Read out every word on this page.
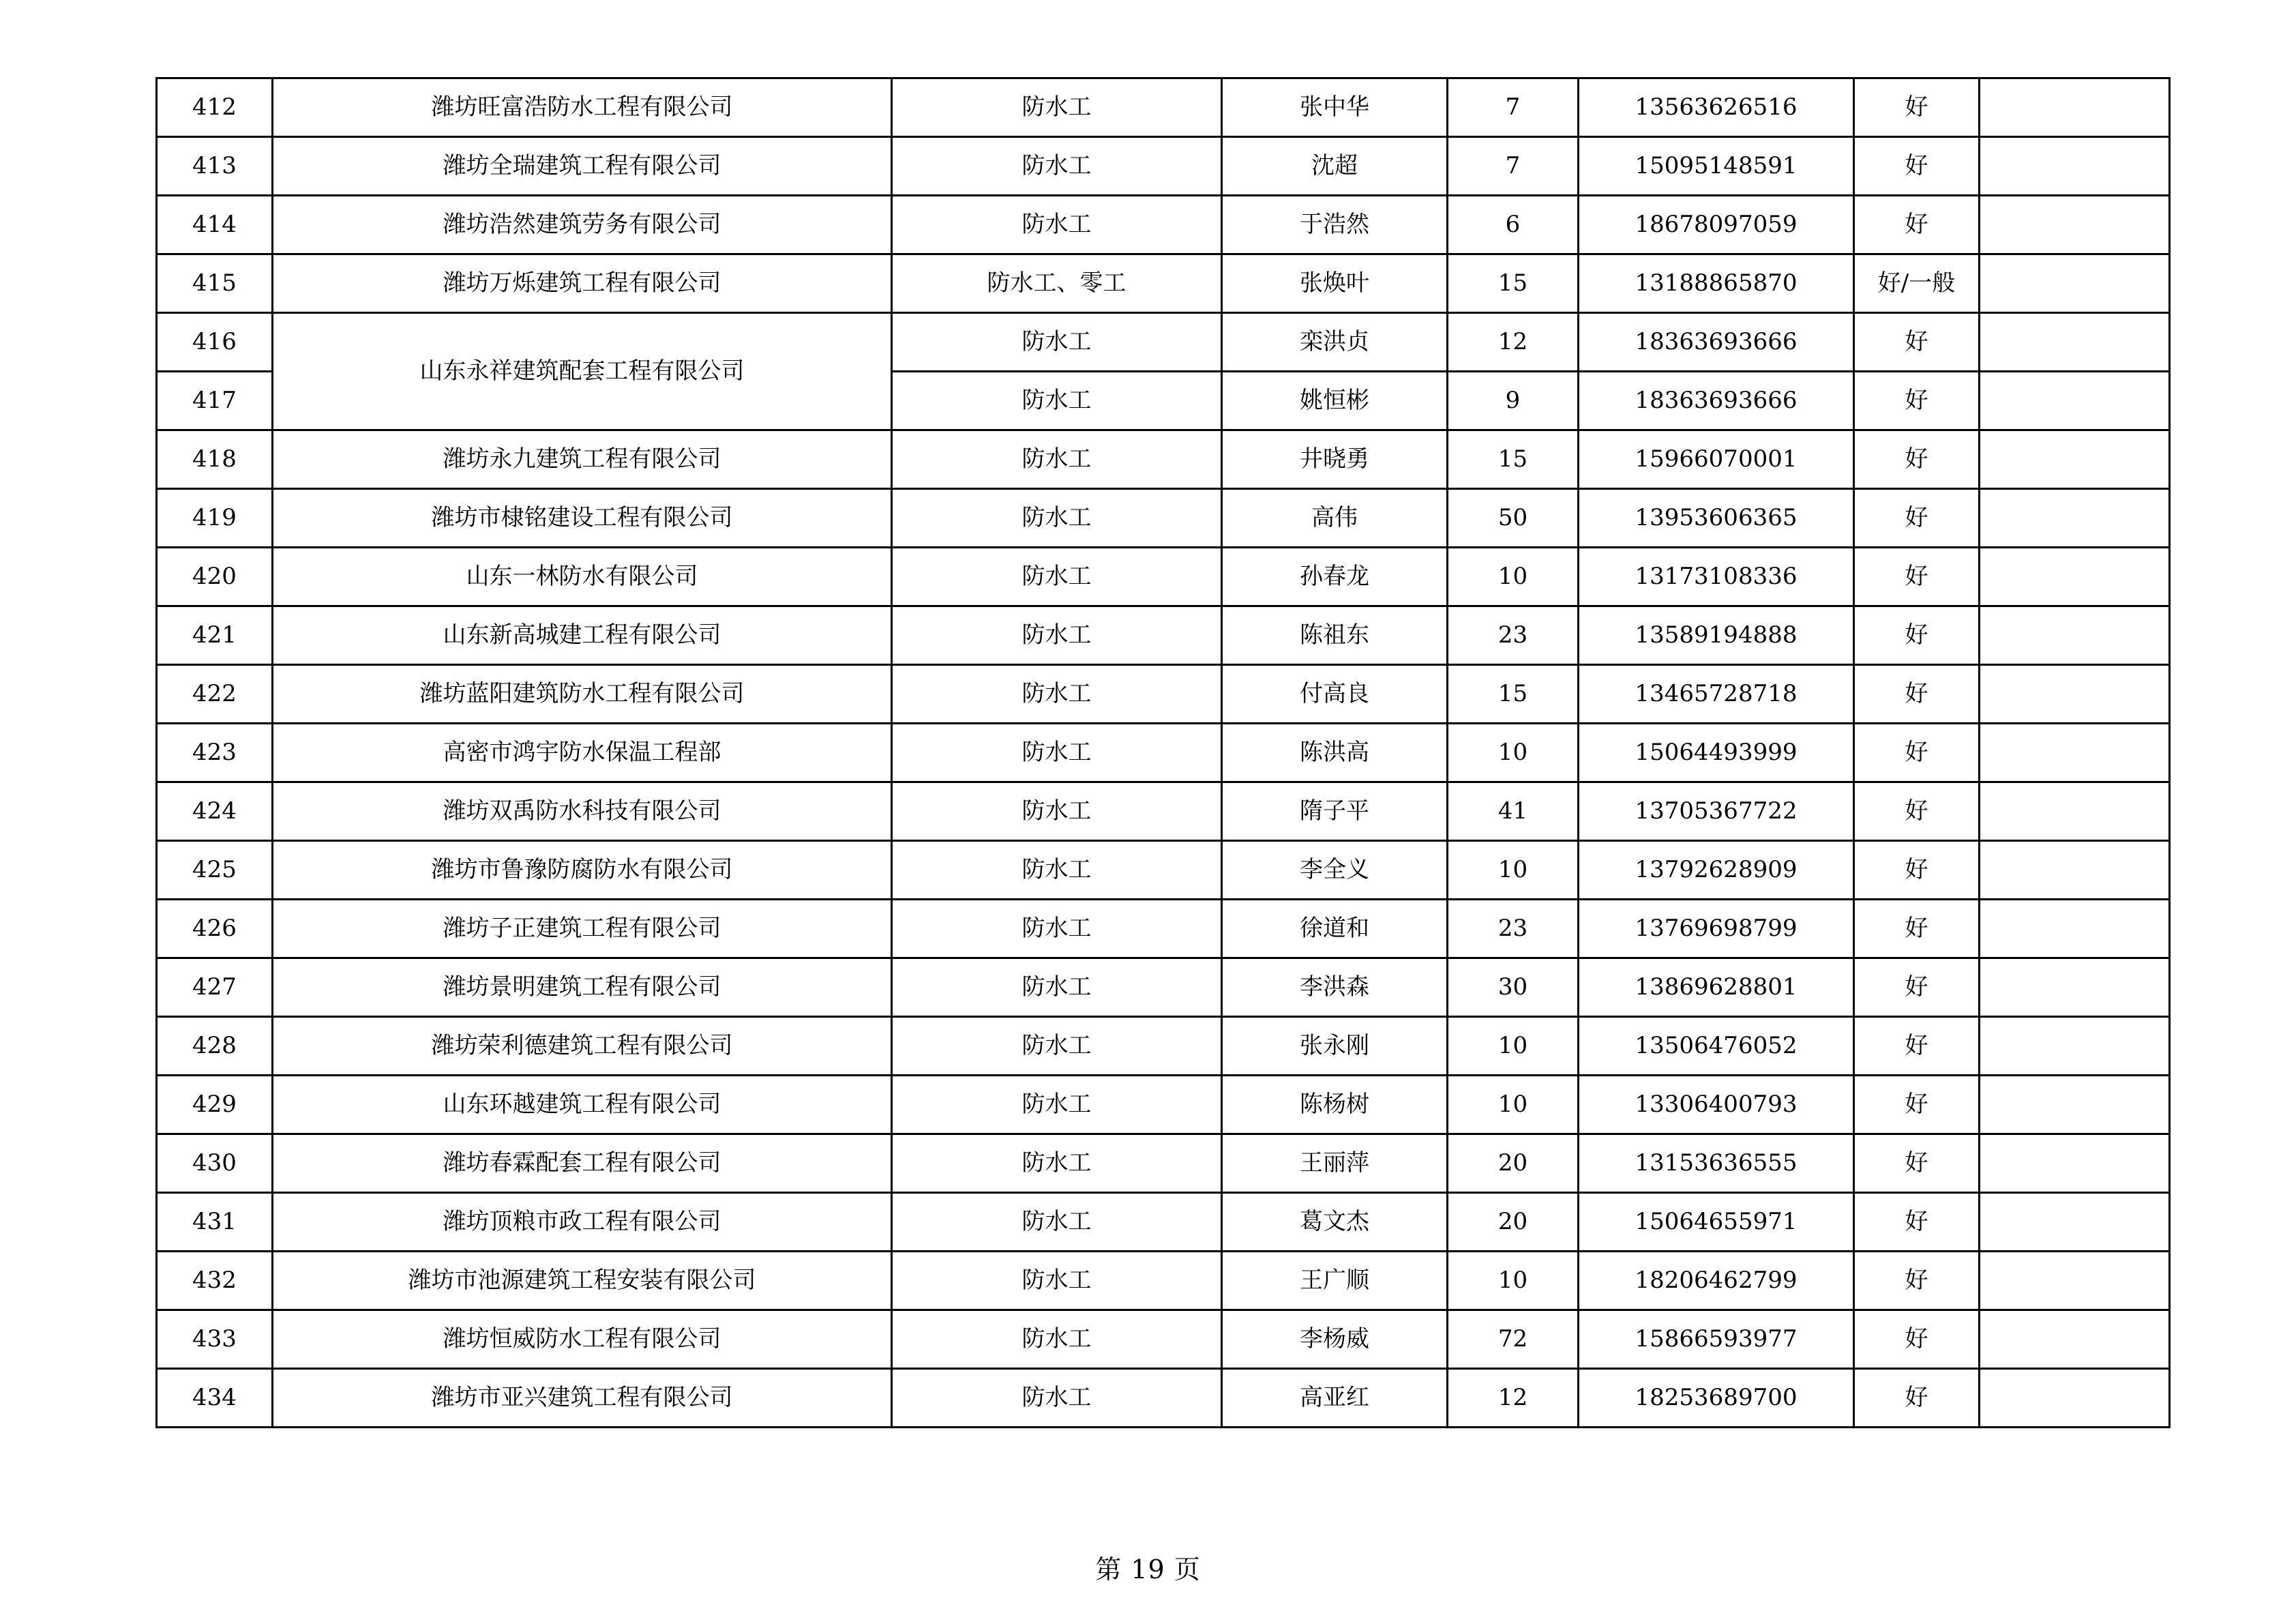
412	潍坊旺富浩防水工程有限公司	防水工	张中华	7	13563626516	好	
413	潍坊全瑞建筑工程有限公司	防水工	沈超	7	15095148591	好	
414	潍坊浩然建筑劳务有限公司	防水工	于浩然	6	18678097059	好	
415	潍坊万烁建筑工程有限公司	防水工、零工	张焕叶	15	13188865870	好/一般	
416	山东永祥建筑配套工程有限公司	防水工	栾洪贞	12	18363693666	好	
417		防水工	姚恒彬	9	18363693666	好	
418	潍坊永九建筑工程有限公司	防水工	井晓勇	15	15966070001	好	
419	潍坊市棣铭建设工程有限公司	防水工	高伟	50	13953606365	好	
420	山东一林防水有限公司	防水工	孙春龙	10	13173108336	好	
421	山东新高城建工程有限公司	防水工	陈祖东	23	13589194888	好	
422	潍坊蓝阳建筑防水工程有限公司	防水工	付高良	15	13465728718	好	
423	高密市鸿宇防水保温工程部	防水工	陈洪高	10	15064493999	好	
424	潍坊双禹防水科技有限公司	防水工	隋子平	41	13705367722	好	
425	潍坊市鲁豫防腐防水有限公司	防水工	李全义	10	13792628909	好	
426	潍坊子正建筑工程有限公司	防水工	徐道和	23	13769698799	好	
427	潍坊景明建筑工程有限公司	防水工	李洪森	30	13869628801	好	
428	潍坊荣利德建筑工程有限公司	防水工	张永刚	10	13506476052	好	
429	山东环越建筑工程有限公司	防水工	陈杨树	10	13306400793	好	
430	潍坊春霖配套工程有限公司	防水工	王丽萍	20	13153636555	好	
431	潍坊顶粮市政工程有限公司	防水工	葛文杰	20	15064655971	好	
432	潍坊市池源建筑工程安装有限公司	防水工	王广顺	10	18206462799	好	
433	潍坊恒威防水工程有限公司	防水工	李杨威	72	15866593977	好	
434	潍坊市亚兴建筑工程有限公司	防水工	高亚红	12	18253689700	好	
第 19 页
